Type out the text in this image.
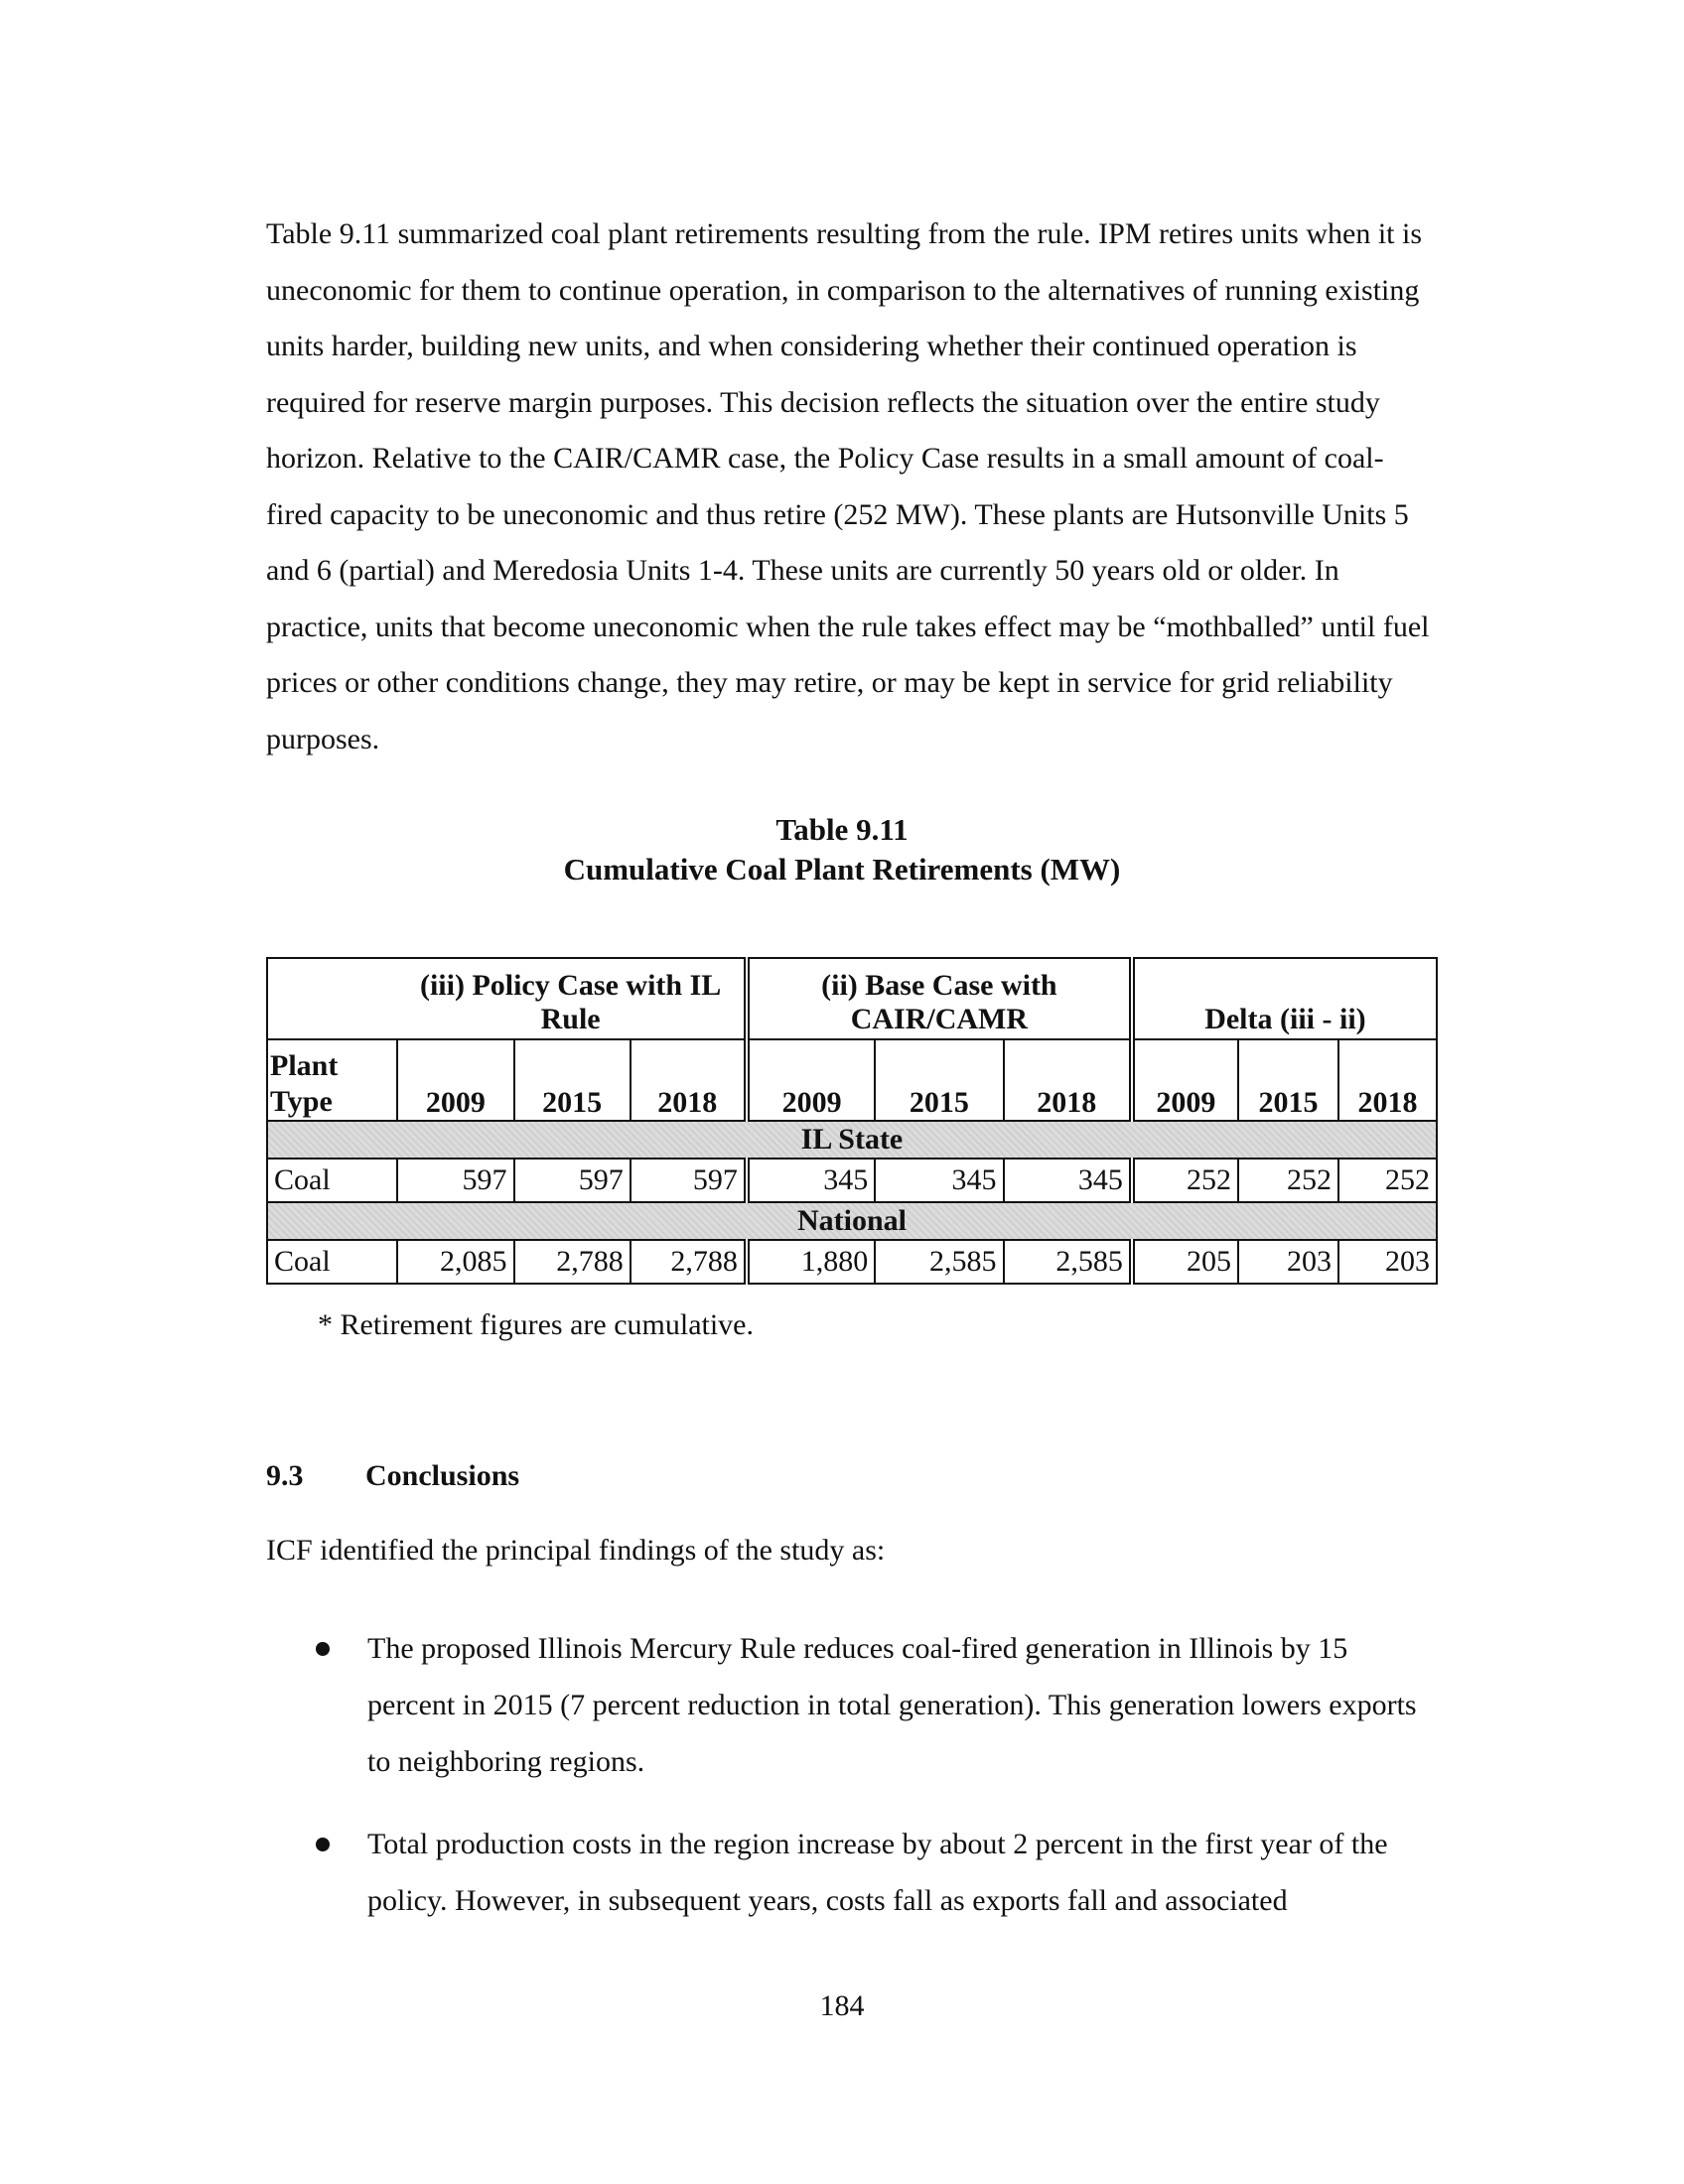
Table 9.11 summarized coal plant retirements resulting from the rule. IPM retires units when it is uneconomic for them to continue operation, in comparison to the alternatives of running existing units harder, building new units, and when considering whether their continued operation is required for reserve margin purposes. This decision reflects the situation over the entire study horizon. Relative to the CAIR/CAMR case, the Policy Case results in a small amount of coal-fired capacity to be uneconomic and thus retire (252 MW). These plants are Hutsonville Units 5 and 6 (partial) and Meredosia Units 1-4. These units are currently 50 years old or older. In practice, units that become uneconomic when the rule takes effect may be “mothballed” until fuel prices or other conditions change, they may retire, or may be kept in service for grid reliability purposes.

Table 9.11
Cumulative Coal Plant Retirements (MW)
	(iii) Policy Case with IL Rule			(ii) Base Case with CAIR/CAMR			Delta (iii - ii)		
Plant Type	2009	2015	2018	2009	2015	2018	2009	2015	2018
IL State									
Coal	597	597	597	345	345	345	252	252	252
National									
Coal	2,085	2,788	2,788	1,880	2,585	2,585	205	203	203
* Retirement figures are cumulative.
9.3 Conclusions
ICF identified the principal findings of the study as:

The proposed Illinois Mercury Rule reduces coal-fired generation in Illinois by 15 percent in 2015 (7 percent reduction in total generation). This generation lowers exports to neighboring regions.

Total production costs in the region increase by about 2 percent in the first year of the policy. However, in subsequent years, costs fall as exports fall and associated

184
